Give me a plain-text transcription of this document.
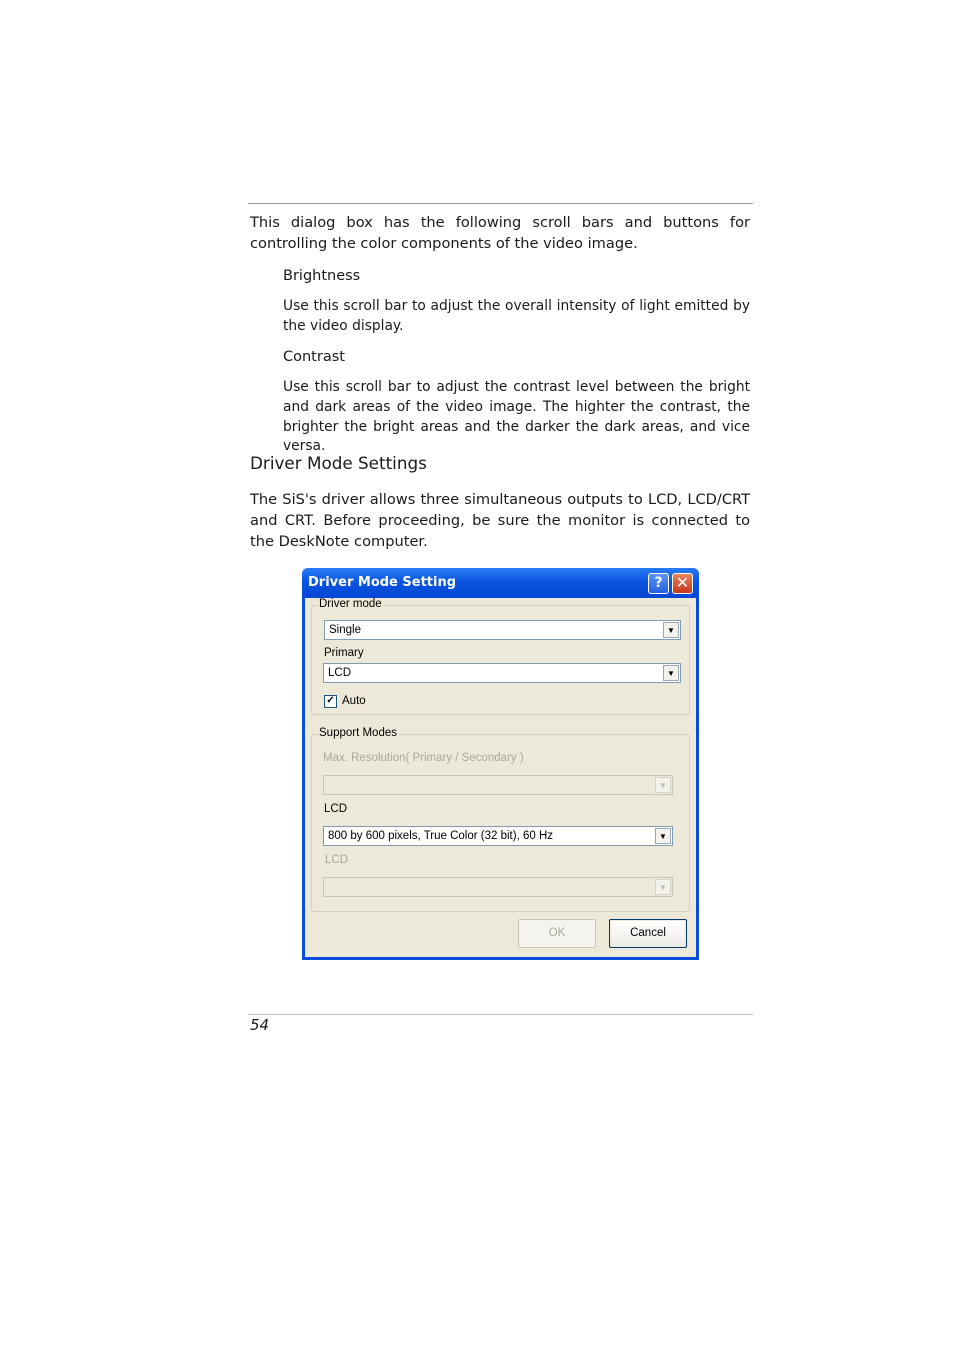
This dialog box has the following scroll bars and buttons for controlling the color components of the video image.
Brightness
Use this scroll bar to adjust the overall intensity of light emitted by the video display.
Contrast
Use this scroll bar to adjust the contrast level between the bright and dark areas of the video image. The highter the contrast, the brighter the bright areas and the darker the dark areas, and vice versa.
Driver Mode Settings
The SiS's driver allows three simultaneous outputs to LCD, LCD/CRT and CRT. Before proceeding, be sure the monitor is connected to the DeskNote computer.
Driver Mode Setting	? ✕
Driver mode
Single	▼
Primary
LCD	▼
✓ Auto
Support Modes
Max. Resolution( Primary / Secondary )
▼
LCD
800 by 600 pixels, True Color (32 bit), 60 Hz	▼
LCD
▼
OK	Cancel
54
